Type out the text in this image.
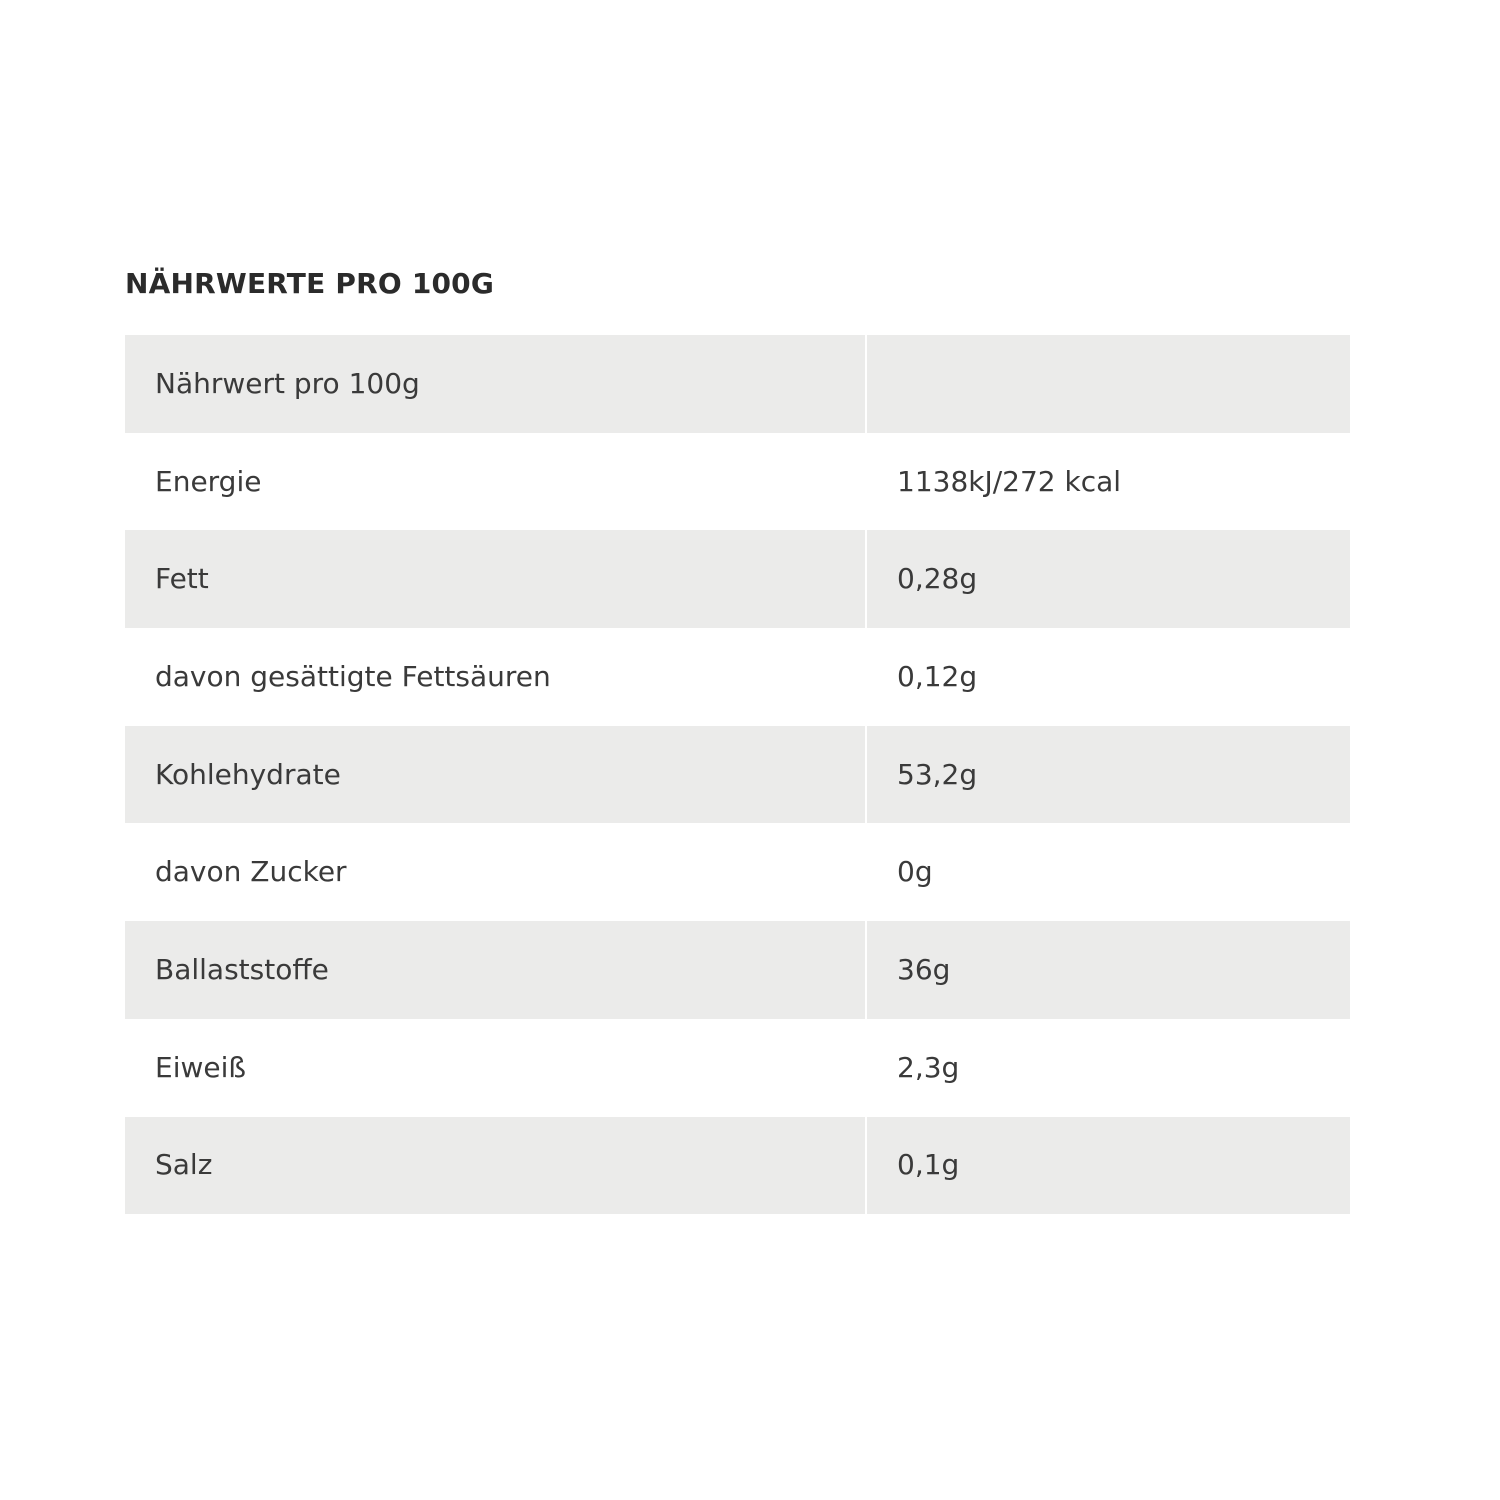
NÄHRWERTE PRO 100G
Nährwert pro 100g	
Energie	1138kJ/272 kcal
Fett	0,28g
davon gesättigte Fettsäuren	0,12g
Kohlehydrate	53,2g
davon Zucker	0g
Ballaststoffe	36g
Eiweiß	2,3g
Salz	0,1g
